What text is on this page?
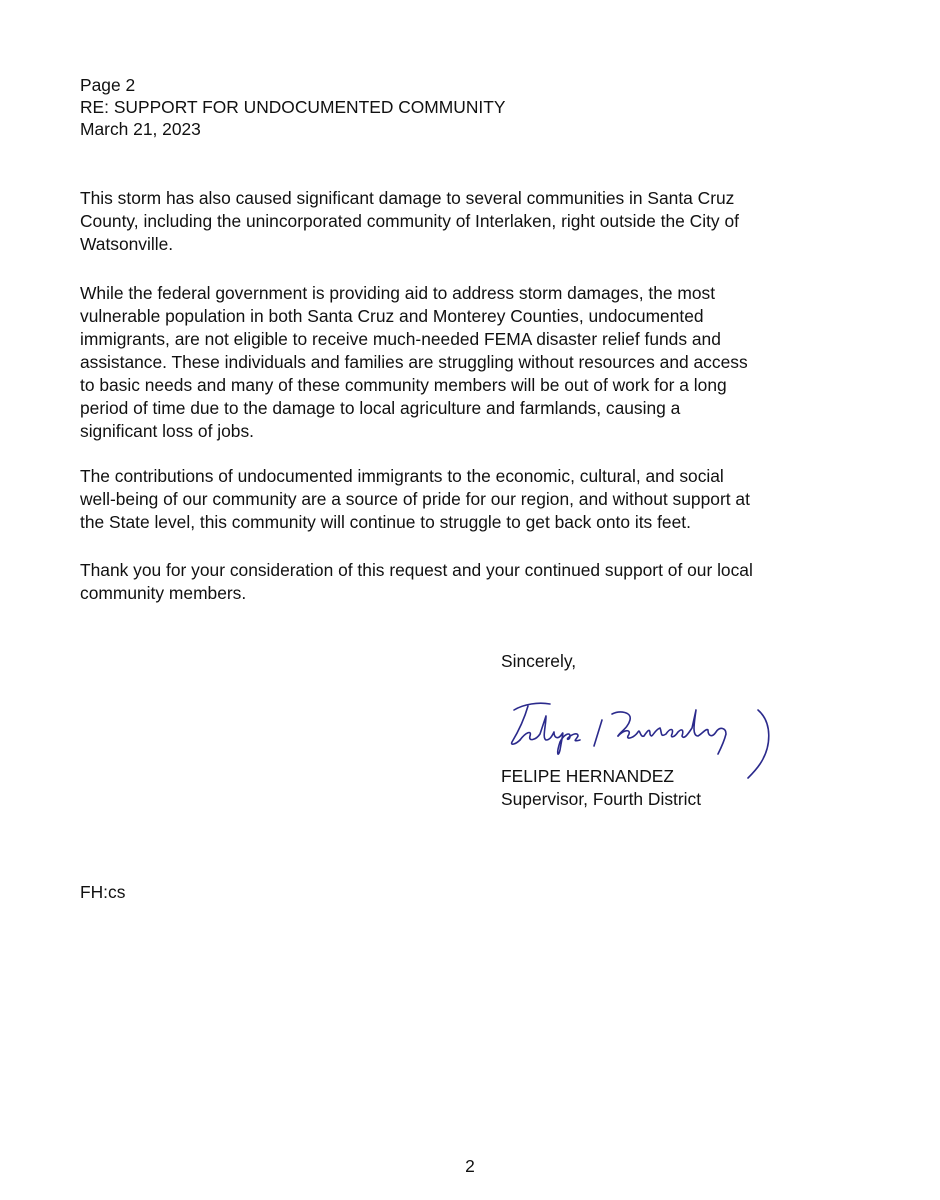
Page 2
RE: SUPPORT FOR UNDOCUMENTED COMMUNITY
March 21, 2023
This storm has also caused significant damage to several communities in Santa Cruz
County, including the unincorporated community of Interlaken, right outside the City of
Watsonville.
While the federal government is providing aid to address storm damages, the most
vulnerable population in both Santa Cruz and Monterey Counties, undocumented
immigrants, are not eligible to receive much-needed FEMA disaster relief funds and
assistance. These individuals and families are struggling without resources and access
to basic needs and many of these community members will be out of work for a long
period of time due to the damage to local agriculture and farmlands, causing a
significant loss of jobs.
The contributions of undocumented immigrants to the economic, cultural, and social
well-being of our community are a source of pride for our region, and without support at
the State level, this community will continue to struggle to get back onto its feet.
Thank you for your consideration of this request and your continued support of our local
community members.
Sincerely,
FELIPE HERNANDEZ
Supervisor, Fourth District
FH:cs
2
